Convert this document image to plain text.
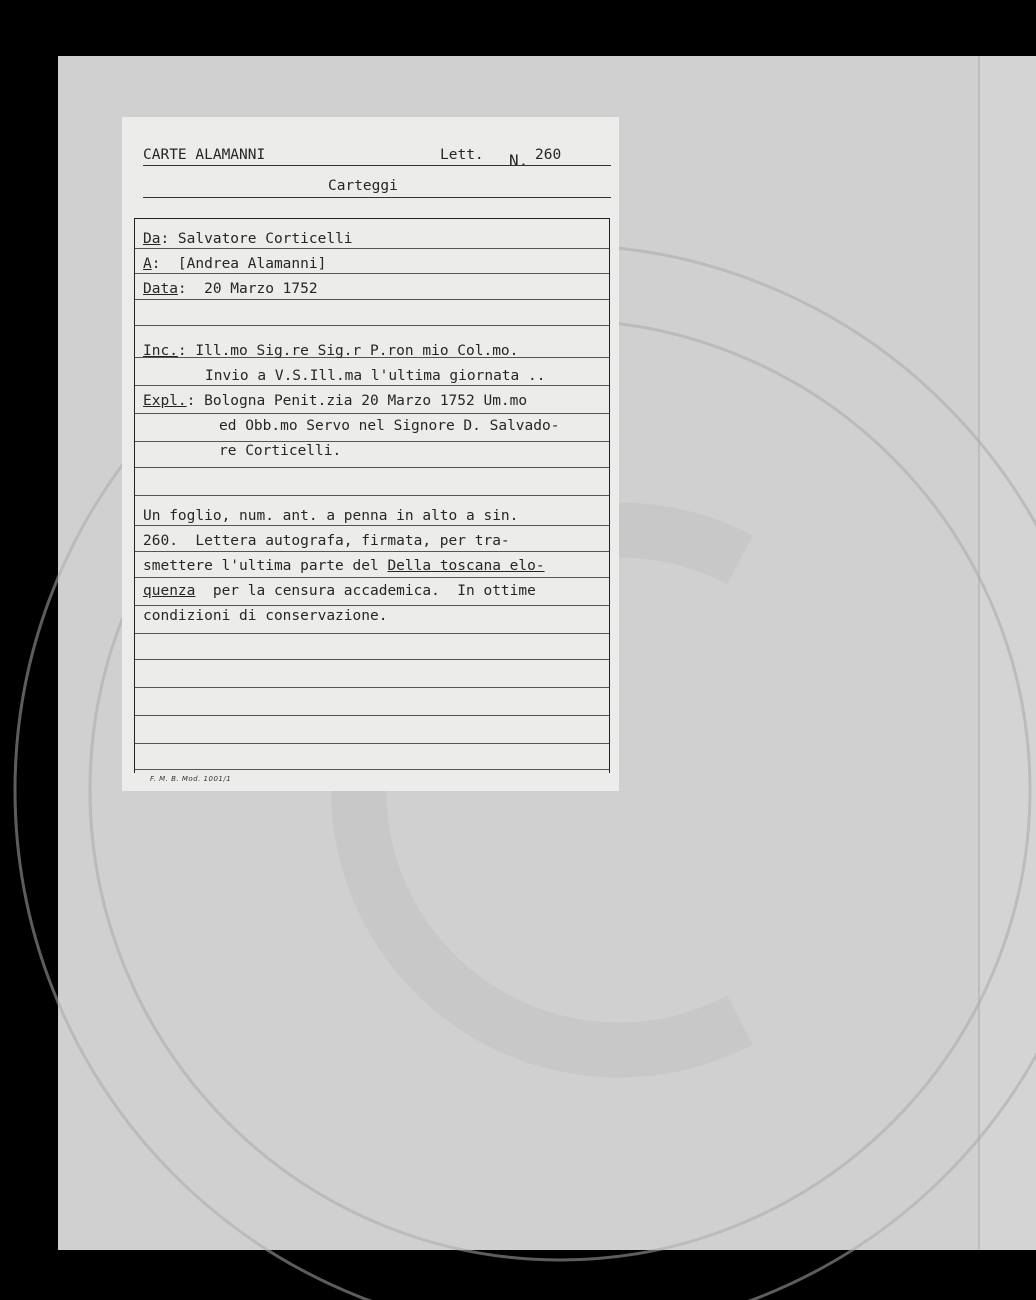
CARTE ALAMANNI	Lett. N. 260
Carteggi
Da: Salvatore Corticelli
A:  [Andrea Alamanni]
Data:  20 Marzo 1752
Inc.: Ill.mo Sig.re Sig.r P.ron mio Col.mo.
Invio a V.S.Ill.ma l'ultima giornata ..
Expl.: Bologna Penit.zia 20 Marzo 1752 Um.mo
ed Obb.mo Servo nel Signore D. Salvado-
re Corticelli.
Un foglio, num. ant. a penna in alto a sin.
260.  Lettera autografa, firmata, per tra-
smettere l'ultima parte del Della toscana elo-
quenza  per la censura accademica.  In ottime
condizioni di conservazione.
F. M. B. Mod. 1001/1
